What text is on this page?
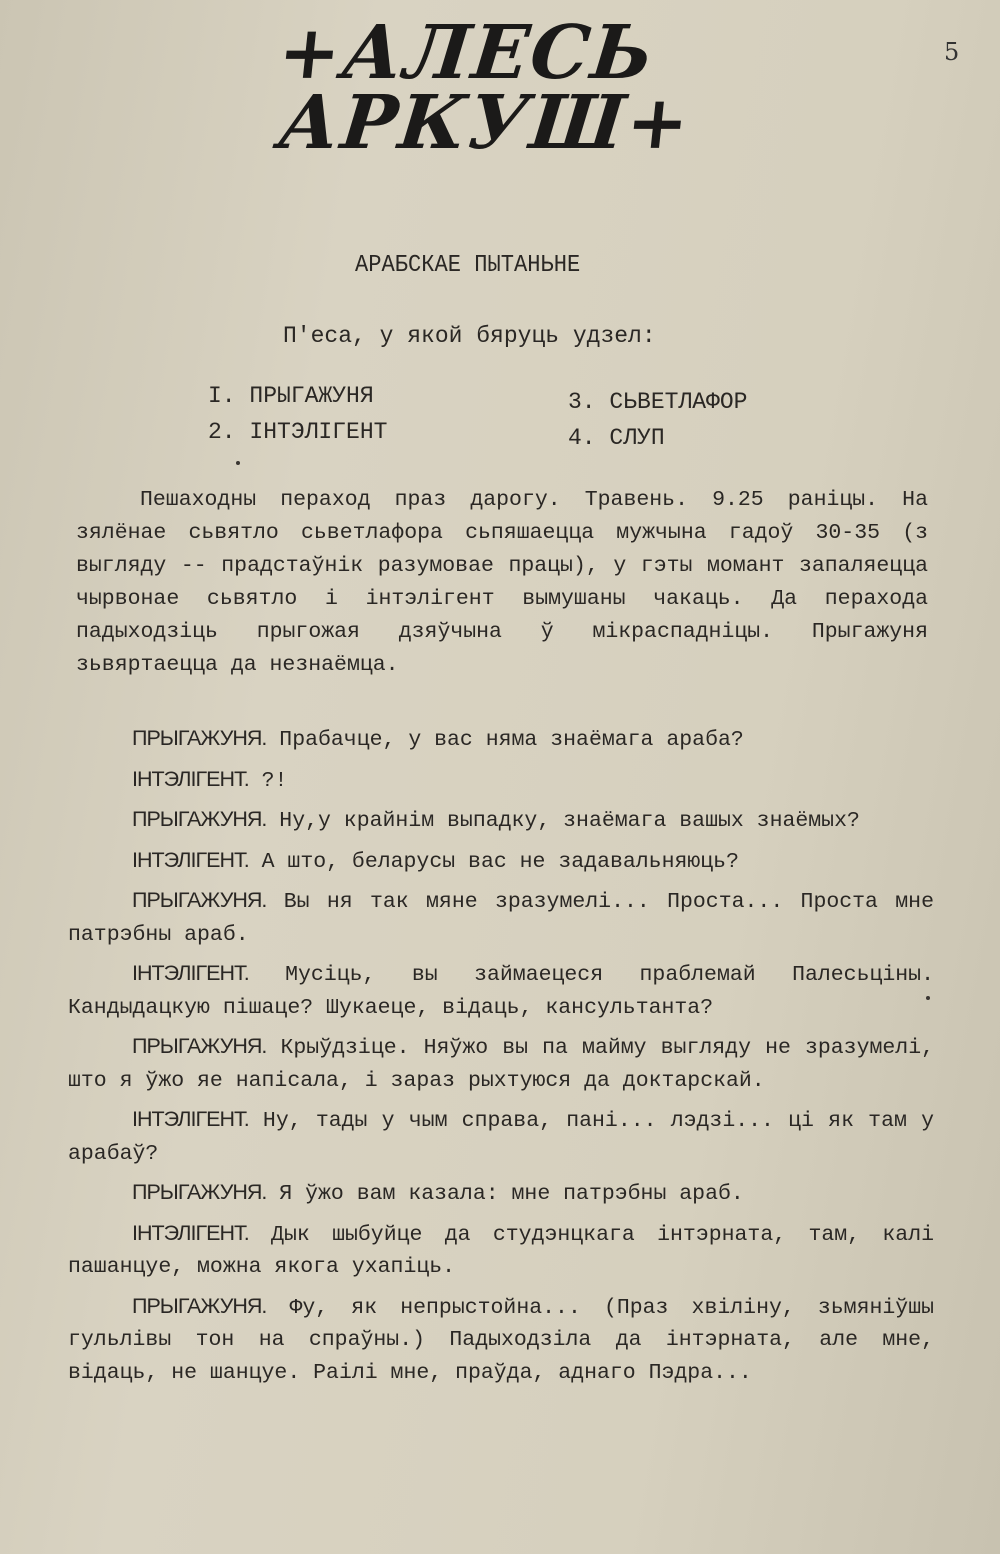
+АЛЕСЬ
АРКУШ+
5
АРАБСКАЕ ПЫТАНЬНЕ
П'еса, у якой бяруць удзел:
I. ПРЫГАЖУНЯ
2. IНТЭЛIГЕНТ
3. СЬВЕТЛАФОР
4. СЛУП

Пешаходны пераход праз дарогу. Травень. 9.25 раніцы. На зялёнае сьвятло сьветлафора сьпяшаецца мужчына гадоў 30-35 (з выгляду -- прадстаўнік разумовае працы), у гэты момант запаляецца чырвонае сьвятло і інтэлігент вымушаны чакаць. Да перахода падыходзіць прыгожая дзяўчына ў мікраспадніцы. Прыгажуня зьвяртаецца да незнаёмца.

ПРЫГАЖУНЯ. Прабачце, у вас няма знаёмага араба?

IНТЭЛIГЕНТ. ?!

ПРЫГАЖУНЯ. Ну,у крайнім выпадку, знаёмага вашых знаёмых?

IНТЭЛIГЕНТ. А што, беларусы вас не задавальняюць?

ПРЫГАЖУНЯ. Вы ня так мяне зразумелі... Проста... Проста мне патрэбны араб.

IНТЭЛIГЕНТ. Мусіць, вы займаецеся праблемай Палесьціны. Кандыдацкую пішаце? Шукаеце, відаць, кансультанта?

ПРЫГАЖУНЯ. Крыўдзіце. Няўжо вы па майму выгляду не зразумелі, што я ўжо яе напісала, і зараз рыхтуюся да доктарскай.

IНТЭЛIГЕНТ. Ну, тады у чым справа, пані... лэдзі... ці як там у арабаў?

ПРЫГАЖУНЯ. Я ўжо вам казала: мне патрэбны араб.

IНТЭЛIГЕНТ. Дык шыбуйце да студэнцкага інтэрната, там, калі пашанцуе, можна якога ухапіць.

ПРЫГАЖУНЯ. Фу, як непрыстойна... (Праз хвіліну, зьмяніўшы гульлівы тон на спраўны.) Падыходзіла да інтэрната, але мне, відаць, не шанцуе. Раілі мне, праўда, аднаго Пэдра...
